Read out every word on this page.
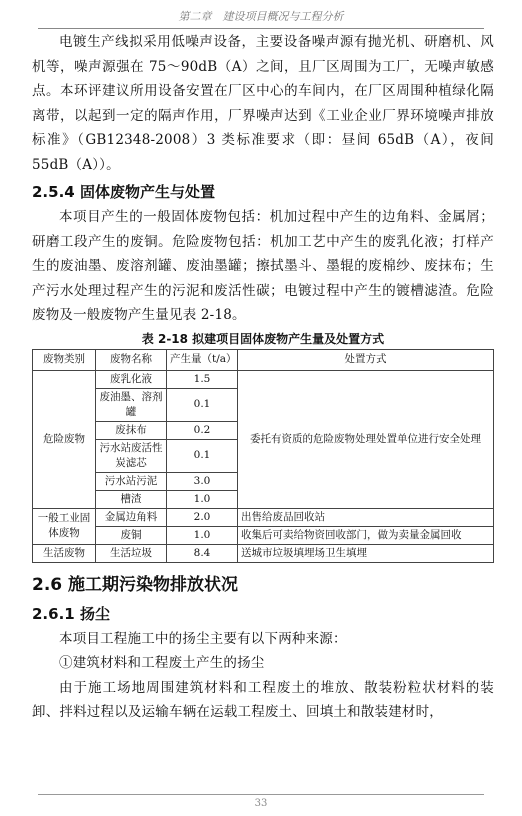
第二章　建设项目概况与工程分析

电镀生产线拟采用低噪声设备，主要设备噪声源有抛光机、研磨机、风机等，噪声源强在 75～90dB（A）之间，且厂区周围为工厂，无噪声敏感点。本环评建议所用设备安置在厂区中心的车间内，在厂区周围种植绿化隔离带，以起到一定的隔声作用，厂界噪声达到《工业企业厂界环境噪声排放标准》（GB12348-2008）3 类标准要求（即：昼间 65dB（A），夜间 55dB（A））。

2.5.4 固体废物产生与处置

本项目产生的一般固体废物包括：机加过程中产生的边角料、金属屑；研磨工段产生的废铜。危险废物包括：机加工艺中产生的废乳化液；打样产生的废油墨、废溶剂罐、废油墨罐；擦拭墨斗、墨辊的废棉纱、废抹布；生产污水处理过程产生的污泥和废活性碳；电镀过程中产生的镀槽滤渣。危险废物及一般废物产生量见表 2-18。

表 2-18 拟建项目固体废物产生量及处置方式
废物类别	废物名称	产生量（t/a）	处置方式
危险废物	废乳化液	1.5	委托有资质的危险废物处理处置单位进行安全处理
	废油墨、溶剂罐	0.1	
	废抹布	0.2	
	污水站废活性炭滤芯	0.1	
	污水站污泥	3.0	
	槽渣	1.0	
一般工业固体废物	金属边角料	2.0	出售给废品回收站
	废铜	1.0	收集后可卖给物资回收部门，做为卖量金属回收
生活废物	生活垃圾	8.4	送城市垃圾填埋场卫生填埋
2.6 施工期污染物排放状况
2.6.1 扬尘

本项目工程施工中的扬尘主要有以下两种来源：

①建筑材料和工程废土产生的扬尘

由于施工场地周围建筑材料和工程废土的堆放、散装粉粒状材料的装 卸、拌料过程以及运输车辆在运载工程废土、回填土和散装建材时，

33
